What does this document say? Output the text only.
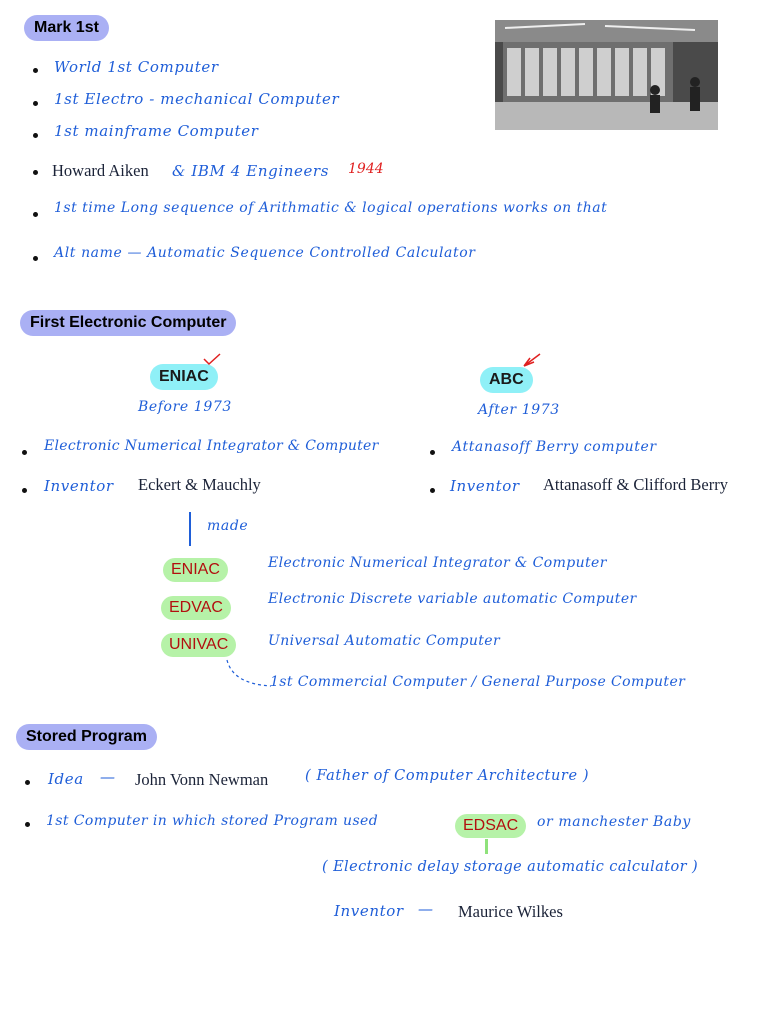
Mark 1st
World 1st Computer
1st Electro - mechanical Computer
1st mainframe Computer
Howard Aiken & IBM 4 Engineers 1944
1st time Long sequence of Arithmatic & logical operations works on that
Alt name — Automatic Sequence Controlled Calculator
First Electronic Computer
ENIAC
Before 1973
ABC
After 1973
Electronic Numerical Integrator & Computer	Attanasoff Berry computer
Inventor Eckert & Mauchly	Inventor Attanasoff & Clifford Berry
made
ENIAC	Electronic Numerical Integrator & Computer
EDVAC	Electronic Discrete variable automatic Computer
UNIVAC	Universal Automatic Computer
1st Commercial Computer / General Purpose Computer
Stored Program
Idea — John Vonn Newman	( Father of Computer Architecture )
1st Computer in which stored Program used	EDSAC	or manchester Baby
( Electronic delay storage automatic calculator )
Inventor — Maurice Wilkes
